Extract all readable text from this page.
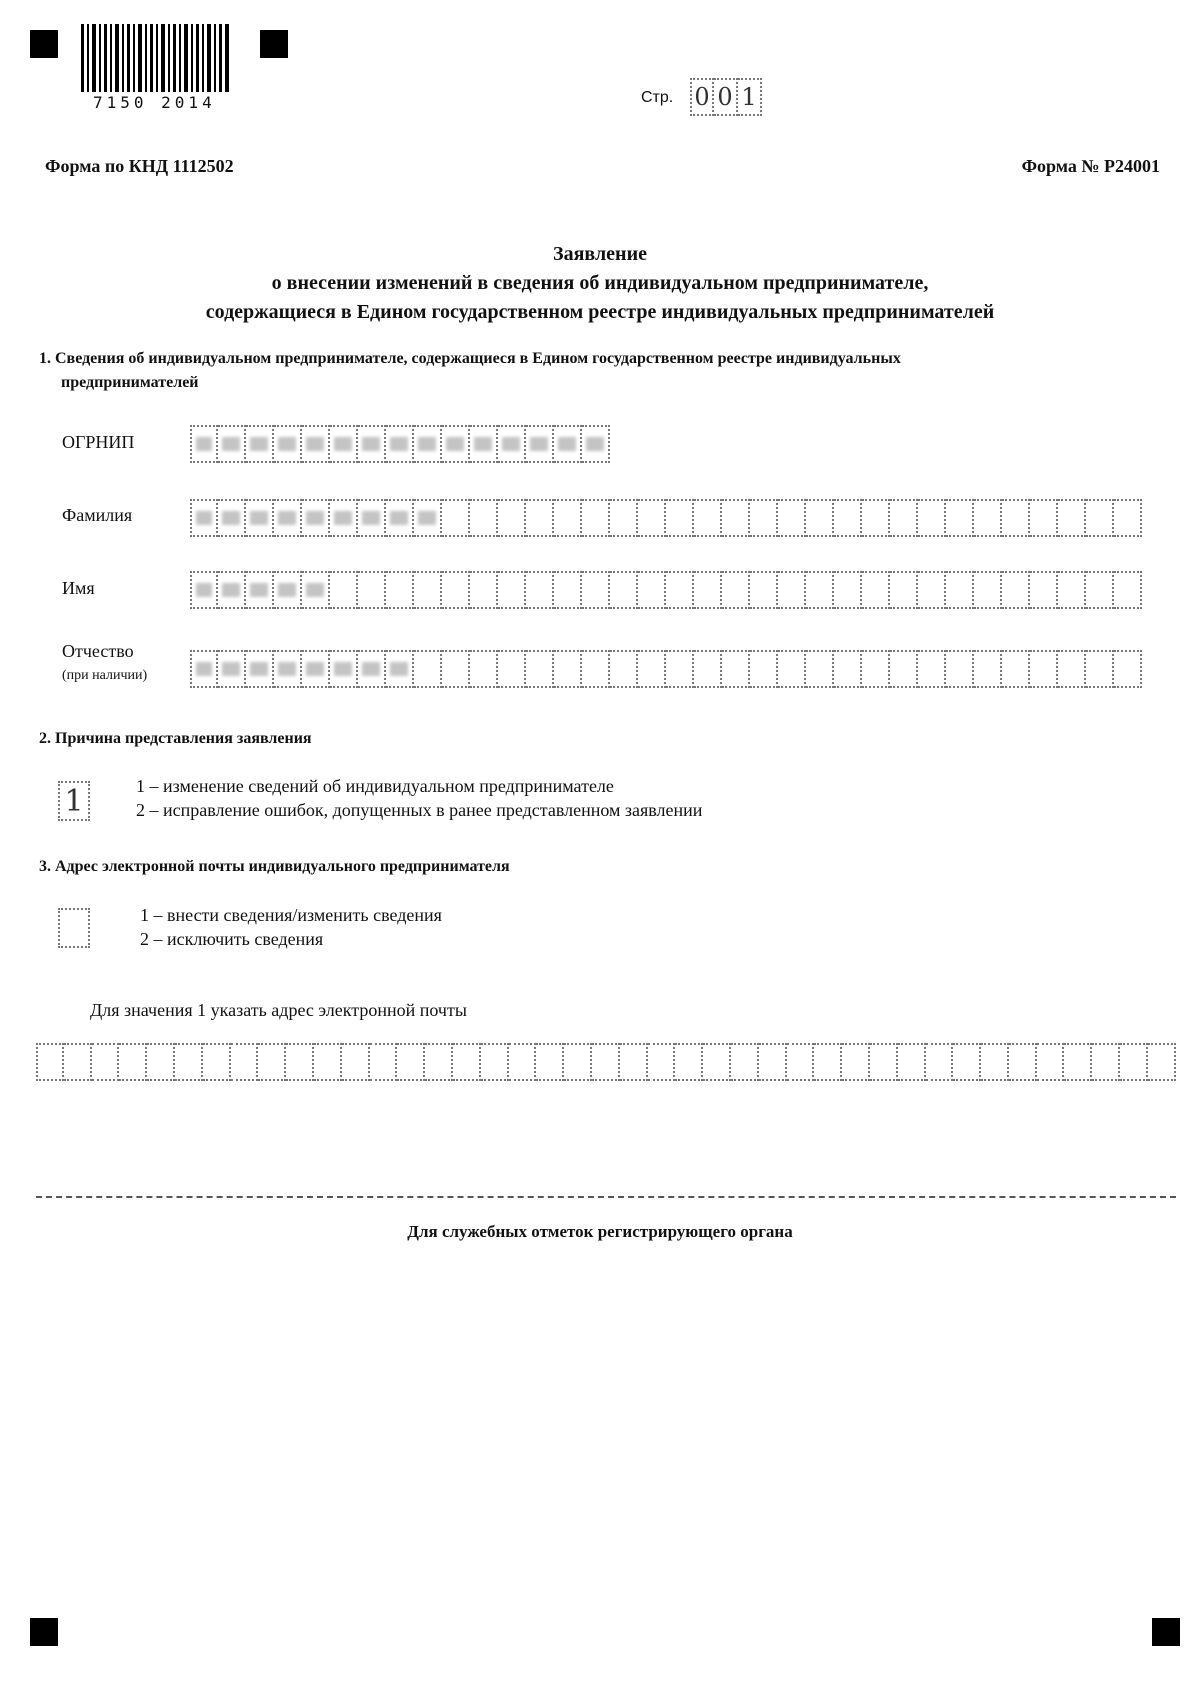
7150 2014	Стр. 0 0 1
Форма по КНД 1112502	Форма № Р24001
Заявление
о внесении изменений в сведения об индивидуальном предпринимателе,
содержащиеся в Едином государственном реестре индивидуальных предпринимателей
1. Сведения об индивидуальном предпринимателе, содержащиеся в Едином государственном реестре индивидуальных
предпринимателей
ОГРНИП
Фамилия
Имя
Отчество
(при наличии)
2. Причина представления заявления
1	1 – изменение сведений об индивидуальном предпринимателе
2 – исправление ошибок, допущенных в ранее представленном заявлении
3. Адрес электронной почты индивидуального предпринимателя
1 – внести сведения/изменить сведения
2 – исключить сведения
Для значения 1 указать адрес электронной почты
Для служебных отметок регистрирующего органа
